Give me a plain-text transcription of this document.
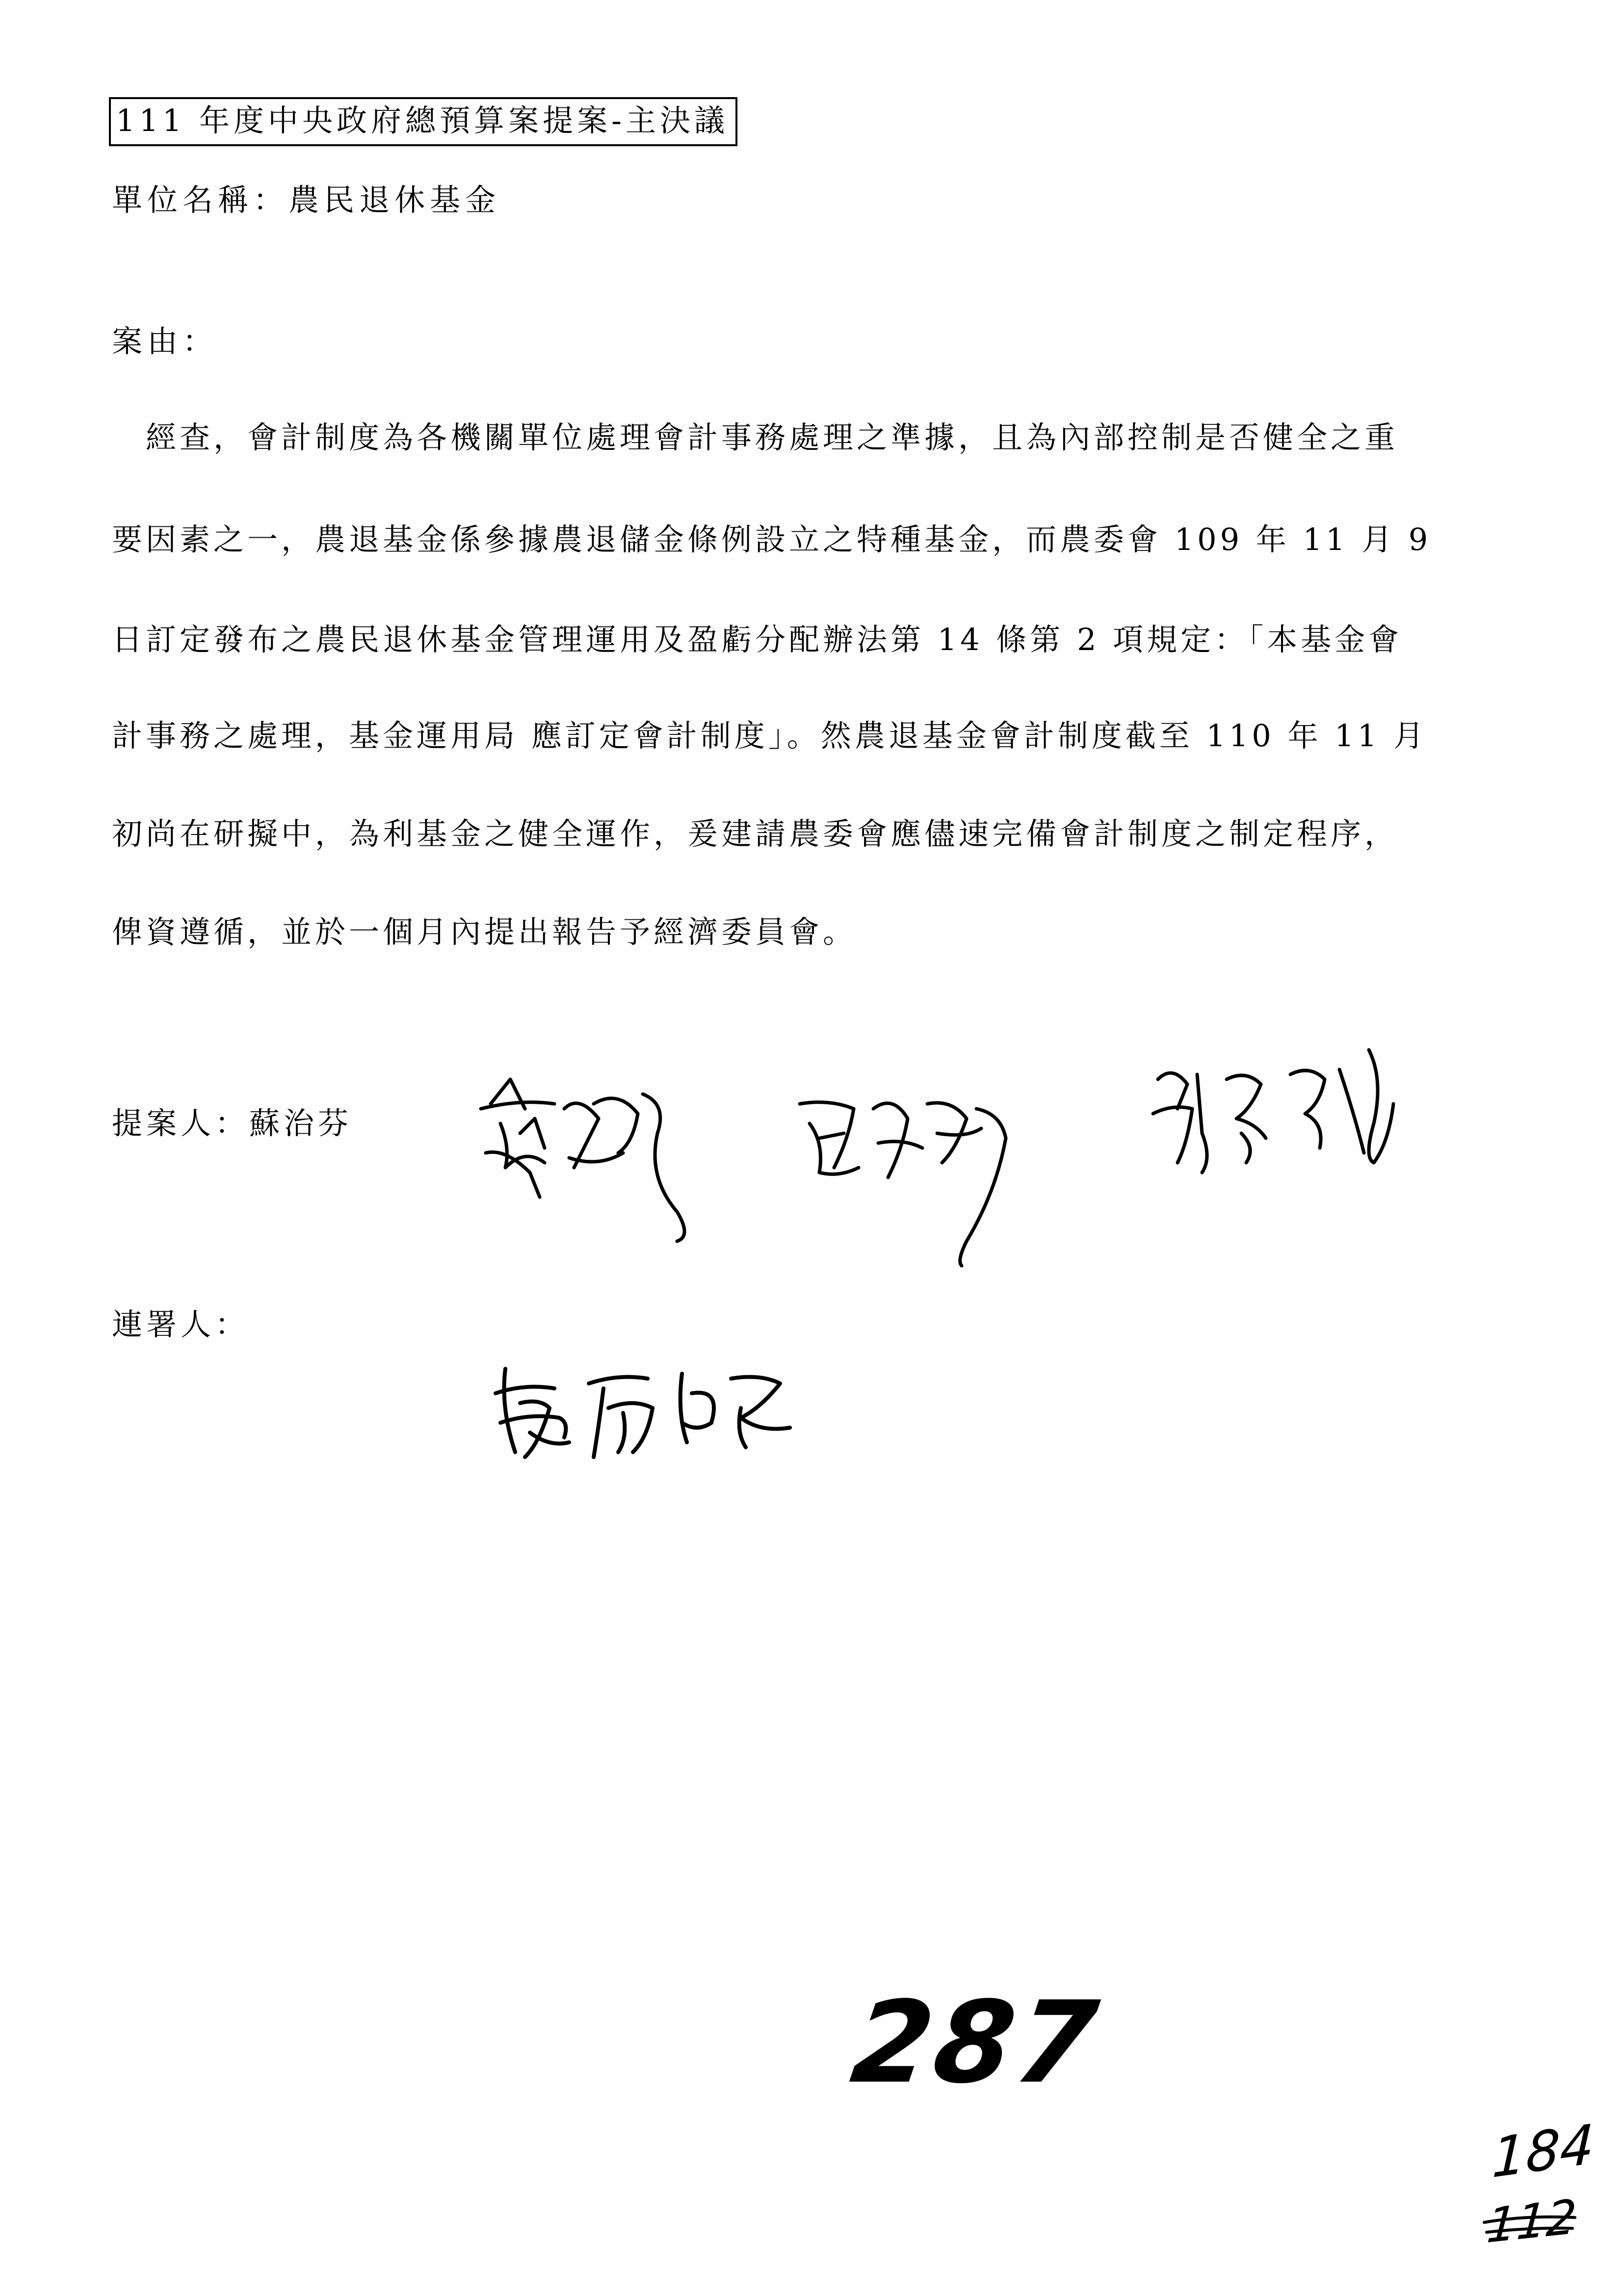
111 年度中央政府總預算案提案-主決議
單位名稱：農民退休基金
案由：
　經查，會計制度為各機關單位處理會計事務處理之準據，且為內部控制是否健全之重
要因素之一，農退基金係參據農退儲金條例設立之特種基金，而農委會 109 年 11 月 9
日訂定發布之農民退休基金管理運用及盈虧分配辦法第 14 條第 2 項規定：「本基金會
計事務之處理，基金運用局 應訂定會計制度」。然農退基金會計制度截至 110 年 11 月
初尚在研擬中，為利基金之健全運作，爰建請農委會應儘速完備會計制度之制定程序，
俾資遵循，並於一個月內提出報告予經濟委員會。
提案人：蘇治芬
連署人：
287
184
112
